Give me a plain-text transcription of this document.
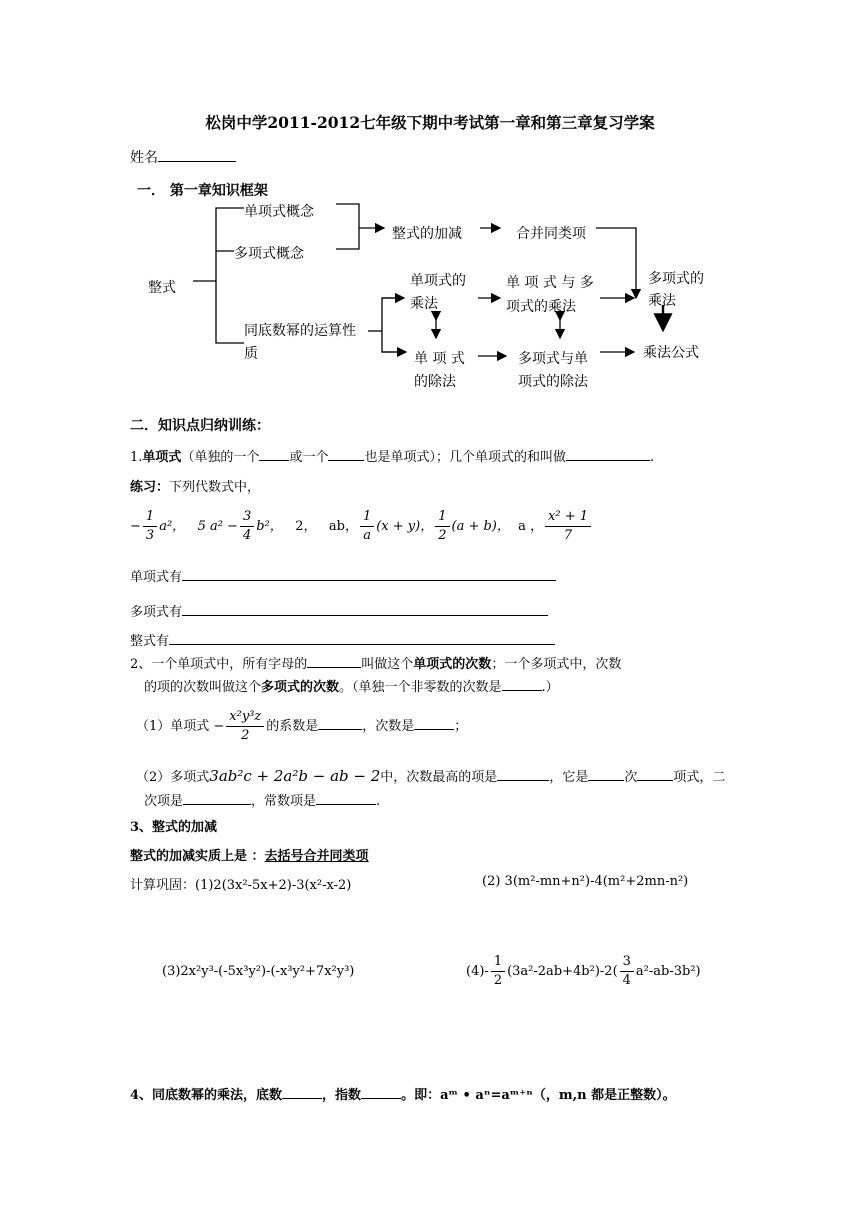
松岗中学2011-2012七年级下期中考试第一章和第三章复习学案
姓名
一． 第一章知识框架
整式
单项式概念
多项式概念
整式的加减	合并同类项
多项式的
乘法
同底数幂的运算性
质
单项式的
乘法
单 项 式 与 多
项式的乘法
单 项 式
的除法
多项式与单
项式的除法
乘法公式
二．知识点归纳训练：
1.单项式（单独的一个 或一个	也是单项式）；几个单项式的和叫做	.
练习：下列代数式中，
− $\frac{1}{3} a^2$， 5 $a^2 - \frac{3}{4} b^2$， 2， ab， $\frac{1}{a} (x + y)$， $\frac{1}{2} (a + b)$， a ， $\frac{\text{x² + 1}}{7}$
单项式有
多项式有
整式有
2、一个单项式中，所有字母的	叫做这个单项式的次数；一个多项式中，次数
的项的次数叫做这个多项式的次数。（单独一个非零数的次数是	.）
（1）单项式 − $\frac{\text{x²y³z}}{2}$ 的系数是	，次数是	；
（2）多项式3ab²c + 2a²b − ab − 2中，次数最高的项是	，它是	次	项式，二
次项是	，常数项是	.
3、整式的加减
整式的加减实质上是 ：去括号合并同类项
计算巩固：(1)2(3x²-5x+2)-3(x²-x-2)	(2) 3(m²-mn+n²)-4(m²+2mn-n²)
(3)2x²y³-(-5x³y²)-(-x³y²+7x²y³)	$(4)- \frac{1}{2} (3a^2-2ab+4b^2)-2( \frac{3}{4} a^2-ab-3b^2)$
4、同底数幂的乘法，底数	，指数	。即：aᵐ • aⁿ=aᵐ⁺ⁿ（，m,n 都是正整数）。
